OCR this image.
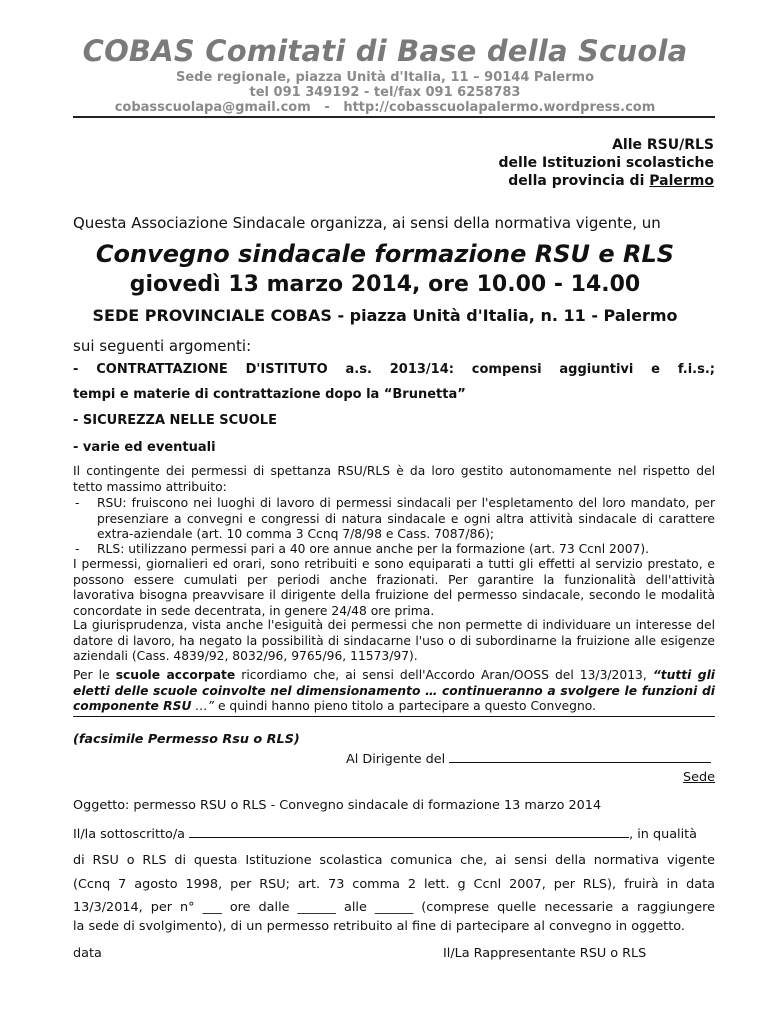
COBAS Comitati di Base della Scuola
Sede regionale, piazza Unità d'Italia, 11 – 90144 Palermo
tel 091 349192 - tel/fax 091 6258783
cobasscuolapa@gmail.com   -   http://cobasscuolapalermo.wordpress.com
Alle RSU/RLS
delle Istituzioni scolastiche
della provincia di Palermo
Questa Associazione Sindacale organizza, ai sensi della normativa vigente, un
Convegno sindacale formazione RSU e RLS
giovedì 13 marzo 2014, ore 10.00 - 14.00
SEDE PROVINCIALE COBAS - piazza Unità d'Italia, n. 11 - Palermo
sui seguenti argomenti:
- CONTRATTAZIONE D'ISTITUTO a.s. 2013/14: compensi aggiuntivi e f.i.s.;
tempi e materie di contrattazione dopo la “Brunetta”
- SICUREZZA NELLE SCUOLE
- varie ed eventuali
Il contingente dei permessi di spettanza RSU/RLS è da loro gestito autonomamente nel rispetto del tetto massimo attribuito:
- RSU: fruiscono nei luoghi di lavoro di permessi sindacali per l'espletamento del loro mandato, per presenziare a convegni e congressi di natura sindacale e ogni altra attività sindacale di carattere extra-aziendale (art. 10 comma 3 Ccnq 7/8/98 e Cass. 7087/86);
- RLS: utilizzano permessi pari a 40 ore annue anche per la formazione (art. 73 Ccnl 2007).
I permessi, giornalieri ed orari, sono retribuiti e sono equiparati a tutti gli effetti al servizio prestato, e possono essere cumulati per periodi anche frazionati. Per garantire la funzionalità dell'attività lavorativa bisogna preavvisare il dirigente della fruizione del permesso sindacale, secondo le modalità concordate in sede decentrata, in genere 24/48 ore prima.
La giurisprudenza, vista anche l'esiguità dei permessi che non permette di individuare un interesse del datore di lavoro, ha negato la possibilità di sindacarne l'uso o di subordinarne la fruizione alle esigenze aziendali (Cass. 4839/92, 8032/96, 9765/96, 11573/97).
Per le scuole accorpate ricordiamo che, ai sensi dell'Accordo Aran/OOSS del 13/3/2013, “tutti gli eletti delle scuole coinvolte nel dimensionamento … continueranno a svolgere le funzioni di componente RSU …” e quindi hanno pieno titolo a partecipare a questo Convegno.
(facsimile Permesso Rsu o RLS)
Al Dirigente del
Sede
Oggetto: permesso RSU o RLS - Convegno sindacale di formazione 13 marzo 2014
Il/la sottoscritto/a	, in qualità
di RSU o RLS di questa Istituzione scolastica comunica che, ai sensi della normativa vigente
(Ccnq 7 agosto 1998, per RSU; art. 73 comma 2 lett. g Ccnl 2007, per RLS), fruirà in data
13/3/2014, per n° ___ ore dalle ______ alle ______ (comprese quelle necessarie a raggiungere
la sede di svolgimento), di un permesso retribuito al fine di partecipare al convegno in oggetto.
data	Il/La Rappresentante RSU o RLS
